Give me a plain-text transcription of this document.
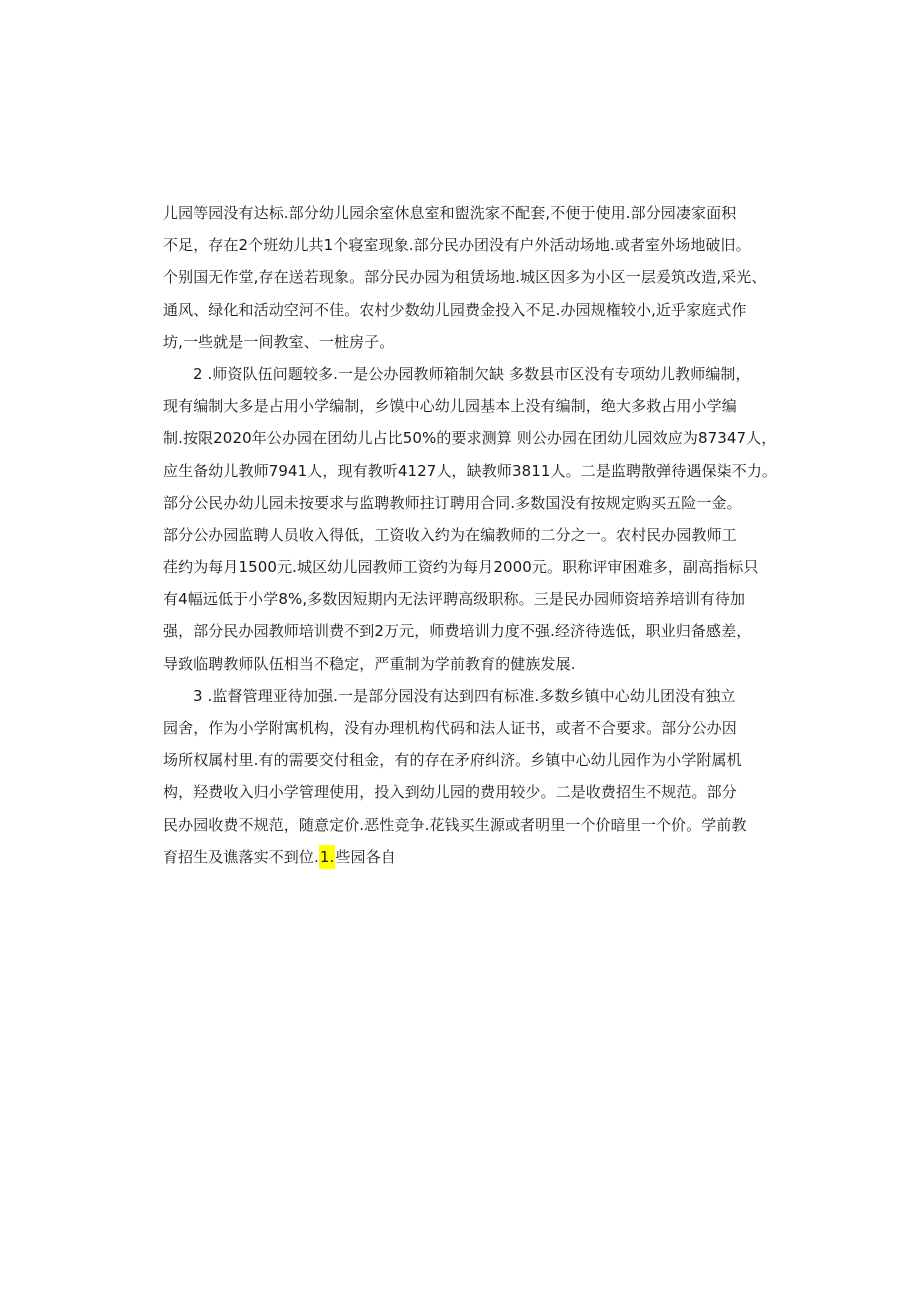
儿园等园没有达标.部分幼儿园余室休息室和盥洗家不配套,不便于使用.部分园凄家面积
不足，存在2个班幼儿共1个寝室现象.部分民办团没有户外活动场地.或者室外场地破旧。
个别国无作堂,存在送若现象。部分民办园为租赁场地.城区因多为小区一层爰筑改造,采光、
通风、绿化和活动空河不佳。农村少数幼儿园费金投入不足.办园规権较小,近乎家庭式作
坊,一些就是一间教室、一桩房子。
2 .师资队伍问题较多.一是公办园教师箱制欠缺 多数县市区没有专项幼儿教师编制，
现有编制大多是占用小学编制，乡馍中心幼儿园基本上没有编制，绝大多救占用小学编
制.按限2020年公办园在团幼儿占比50%的要求测算 则公办园在团幼儿园效应为87347人，
应生备幼儿教师7941人，现有教听4127人，缺教师3811人。二是监聘散弹待遇保柒不力。
部分公民办幼儿园未按要求与监聘教师拄订聘用合同.多数国没有按规定购买五险一金。
部分公办园监聘人员收入得低，工资收入约为在编教师的二分之一。农村民办园教师工
荏约为每月1500元.城区幼儿园教师工资约为每月2000元。职称评审困难多，副高指标只
有4幅远低于小学8%,多数因短期内无法评聘高级职称。三是民办园师资培养培训有待加
强，部分民办园教师培训费不到2万元，师费培训力度不强.经济待选低，职业归备感差，
导致临聘教师队伍相当不稳定，严重制为学前教育的健族发展.
3 .监督管理亚待加强.一是部分园没有达到四有标准.多数乡镇中心幼儿团没有独立
园舍，作为小学附寓机构，没有办理机构代码和法人证书，或者不合要求。部分公办因
场所权属村里.有的需要交付租金，有的存在矛府纠济。乡镇中心幼儿园作为小学附属机
构，羟费收入归小学管理使用，投入到幼儿园的费用较少。二是收费招生不规范。部分
民办园收费不规范，随意定价.恶性竞争.花钱买生源或者明里一个价暗里一个价。学前教
育招生及谯落实不到位.1.些园各自
